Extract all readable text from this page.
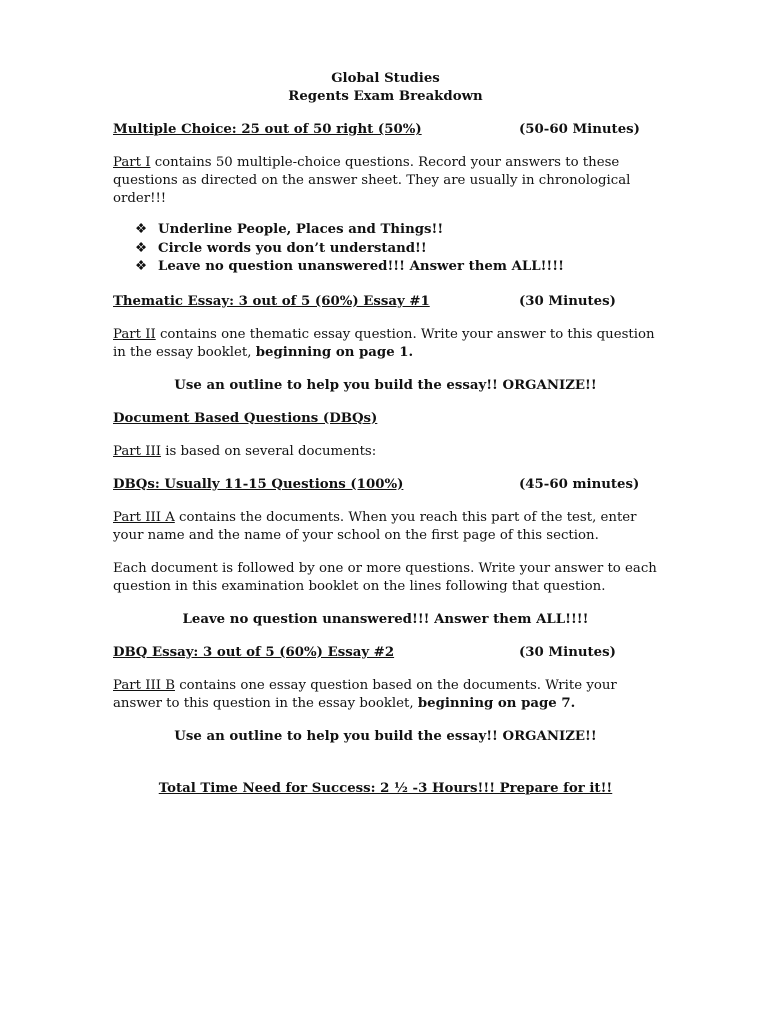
Global Studies
Regents Exam Breakdown
Multiple Choice: 25 out of 50 right (50%)	(50-60 Minutes)

Part I contains 50 multiple-choice questions. Record your answers to these questions as directed on the answer sheet. They are usually in chronological order!!!

❖ Underline People, Places and Things!!
❖ Circle words you don’t understand!!
❖ Leave no question unanswered!!! Answer them ALL!!!!
Thematic Essay: 3 out of 5 (60%) Essay #1	(30 Minutes)

Part II contains one thematic essay question. Write your answer to this question in the essay booklet, beginning on page 1.

Use an outline to help you build the essay!! ORGANIZE!!

Document Based Questions (DBQs)

Part III is based on several documents:

DBQs: Usually 11-15 Questions (100%)	(45-60 minutes)

Part III A contains the documents. When you reach this part of the test, enter your name and the name of your school on the first page of this section.

Each document is followed by one or more questions. Write your answer to each question in this examination booklet on the lines following that question.

Leave no question unanswered!!! Answer them ALL!!!!

DBQ Essay: 3 out of 5 (60%) Essay #2	(30 Minutes)

Part III B contains one essay question based on the documents. Write your answer to this question in the essay booklet, beginning on page 7.

Use an outline to help you build the essay!! ORGANIZE!!

Total Time Need for Success: 2 ½ -3 Hours!!! Prepare for it!!
